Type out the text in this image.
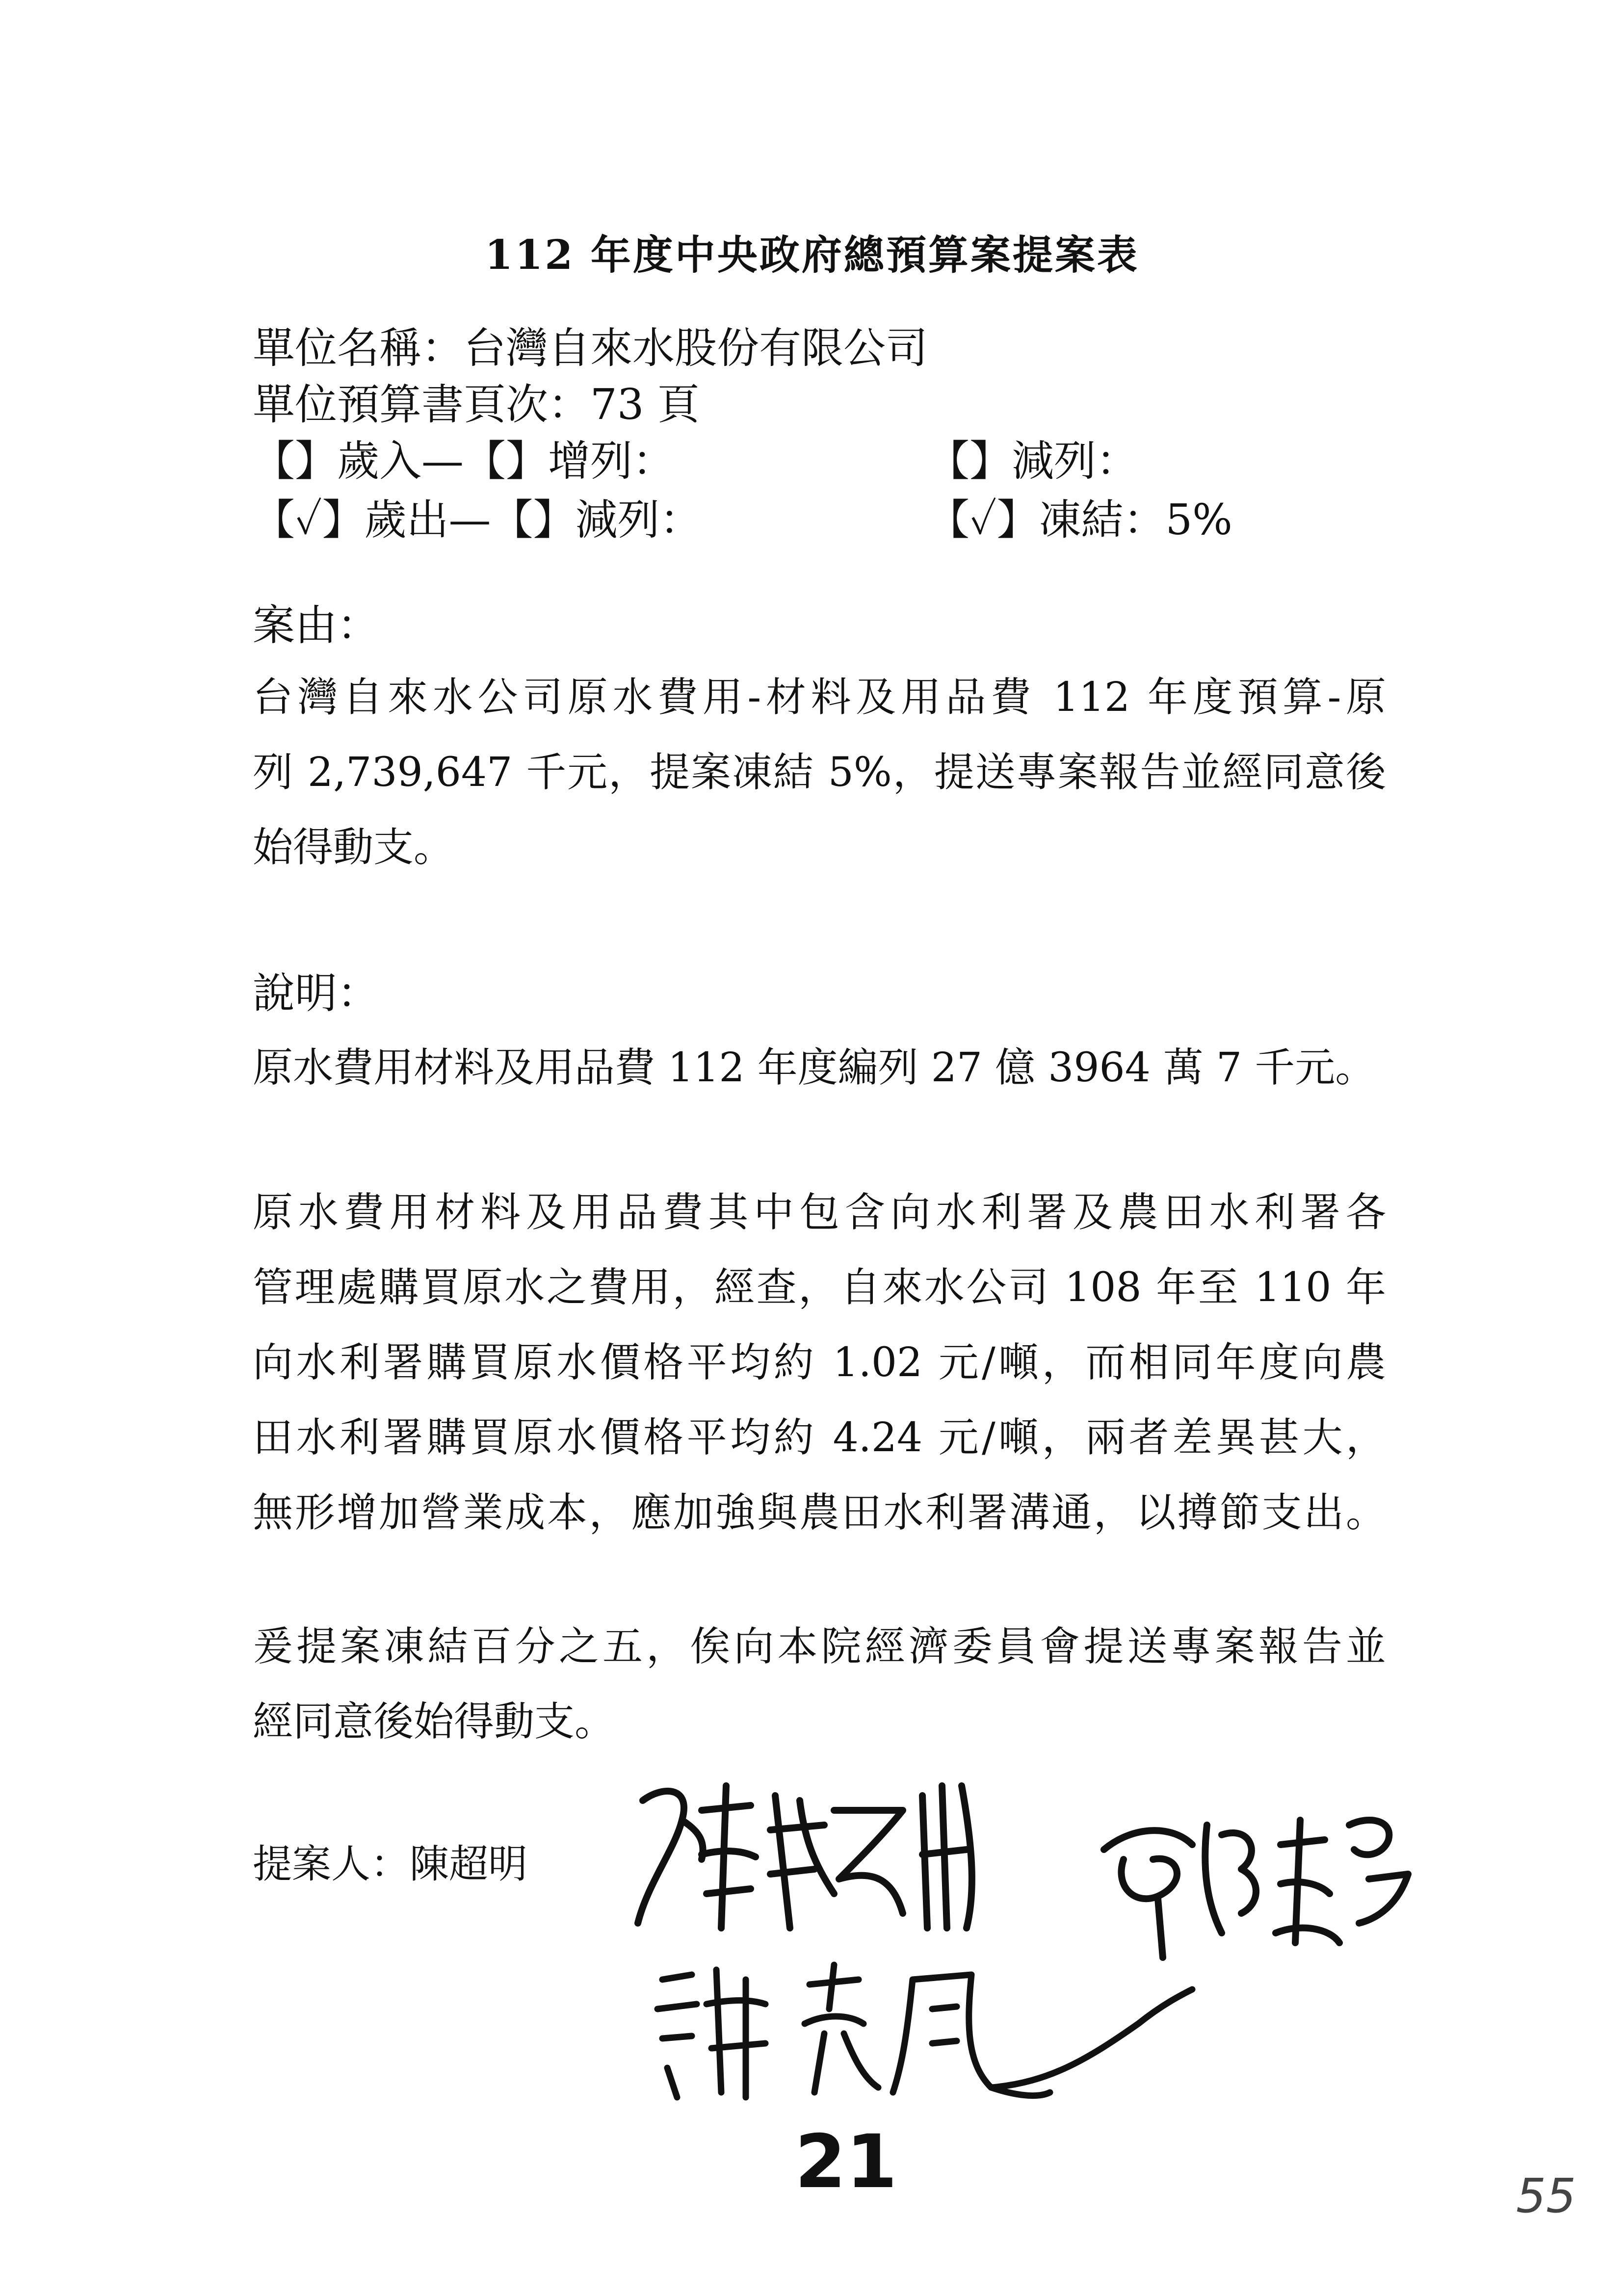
112 年度中央政府總預算案提案表
單位名稱：台灣自來水股份有限公司
單位預算書頁次：73 頁
【】歲入—【】增列：	【】減列：
【✓】歲出—【】減列：	【✓】凍結：5%
案由：
台灣自來水公司原水費用-材料及用品費 112 年度預算-原
列 2,739,647 千元，提案凍結 5%，提送專案報告並經同意後
始得動支。
說明：
原水費用材料及用品費 112 年度編列 27 億 3964 萬 7 千元。
原水費用材料及用品費其中包含向水利署及農田水利署各
管理處購買原水之費用，經查，自來水公司 108 年至 110 年
向水利署購買原水價格平均約 1.02 元/噸，而相同年度向農
田水利署購買原水價格平均約 4.24 元/噸，兩者差異甚大，
無形增加營業成本，應加強與農田水利署溝通，以撙節支出。
爰提案凍結百分之五，俟向本院經濟委員會提送專案報告並
經同意後始得動支。
提案人：陳超明
21	55
